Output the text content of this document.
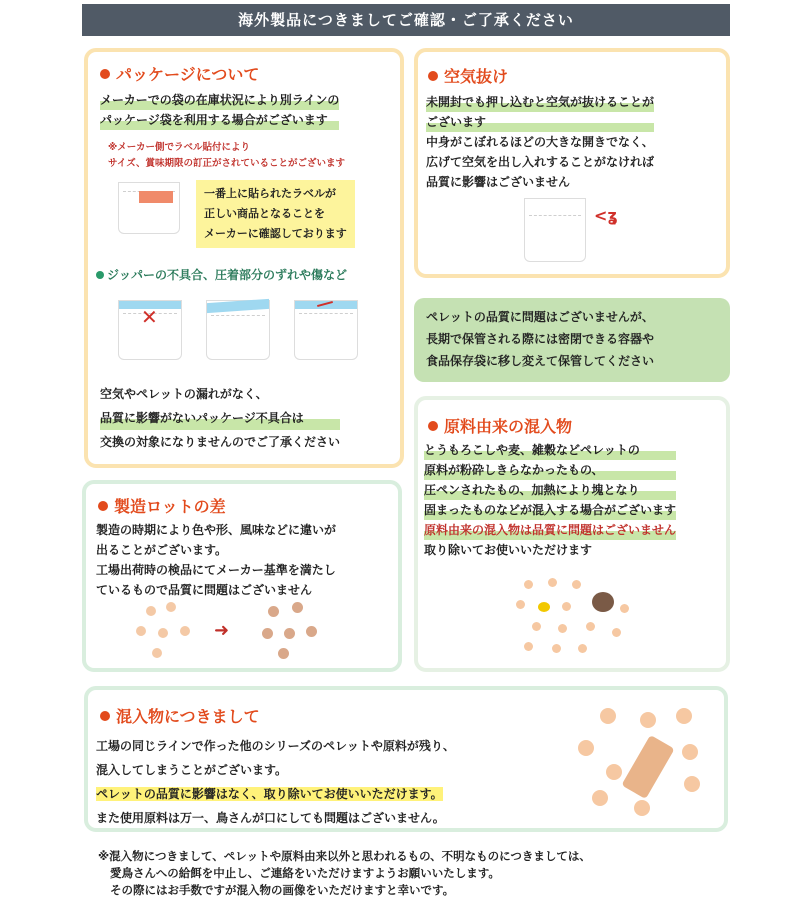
海外製品につきましてご確認・ご了承ください
パッケージについて
メーカーでの袋の在庫状況により別ラインの
パッケージ袋を利用する場合がございます
※メーカー側でラベル貼付により
サイズ、賞味期限の訂正がされていることがございます
一番上に貼られたラベルが
正しい商品となることを
メーカーに確認しております
ジッパーの不具合、圧着部分のずれや傷など
✕
空気やペレットの漏れがなく、
品質に影響がないパッケージ不具合は
交換の対象になりませんのでご了承ください
空気抜け
未開封でも押し込むと空気が抜けることが
ございます
中身がこぼれるほどの大きな開きでなく、
広げて空気を出し入れすることがなければ
品質に影響はございません
<ʓ
ペレットの品質に問題はございませんが、
長期で保管される際には密閉できる容器や
食品保存袋に移し変えて保管してください
製造ロットの差
製造の時期により色や形、風味などに違いが
出ることがございます。
工場出荷時の検品にてメーカー基準を満たし
ているもので品質に問題はございません
➜
原料由来の混入物
とうもろこしや麦、雑穀などペレットの
原料が粉砕しきらなかったもの、
圧ペンされたもの、加熱により塊となり
固まったものなどが混入する場合がございます
原料由来の混入物は品質に問題はございません
取り除いてお使いいただけます
混入物につきまして
工場の同じラインで作った他のシリーズのペレットや原料が残り、
混入してしまうことがございます。
ペレットの品質に影響はなく、取り除いてお使いいただけます。
また使用原料は万一、鳥さんが口にしても問題はございません。
※混入物につきまして、ペレットや原料由来以外と思われるもの、不明なものにつきましては、
愛鳥さんへの給餌を中止し、ご連絡をいただけますようお願いいたします。
その際にはお手数ですが混入物の画像をいただけますと幸いです。
